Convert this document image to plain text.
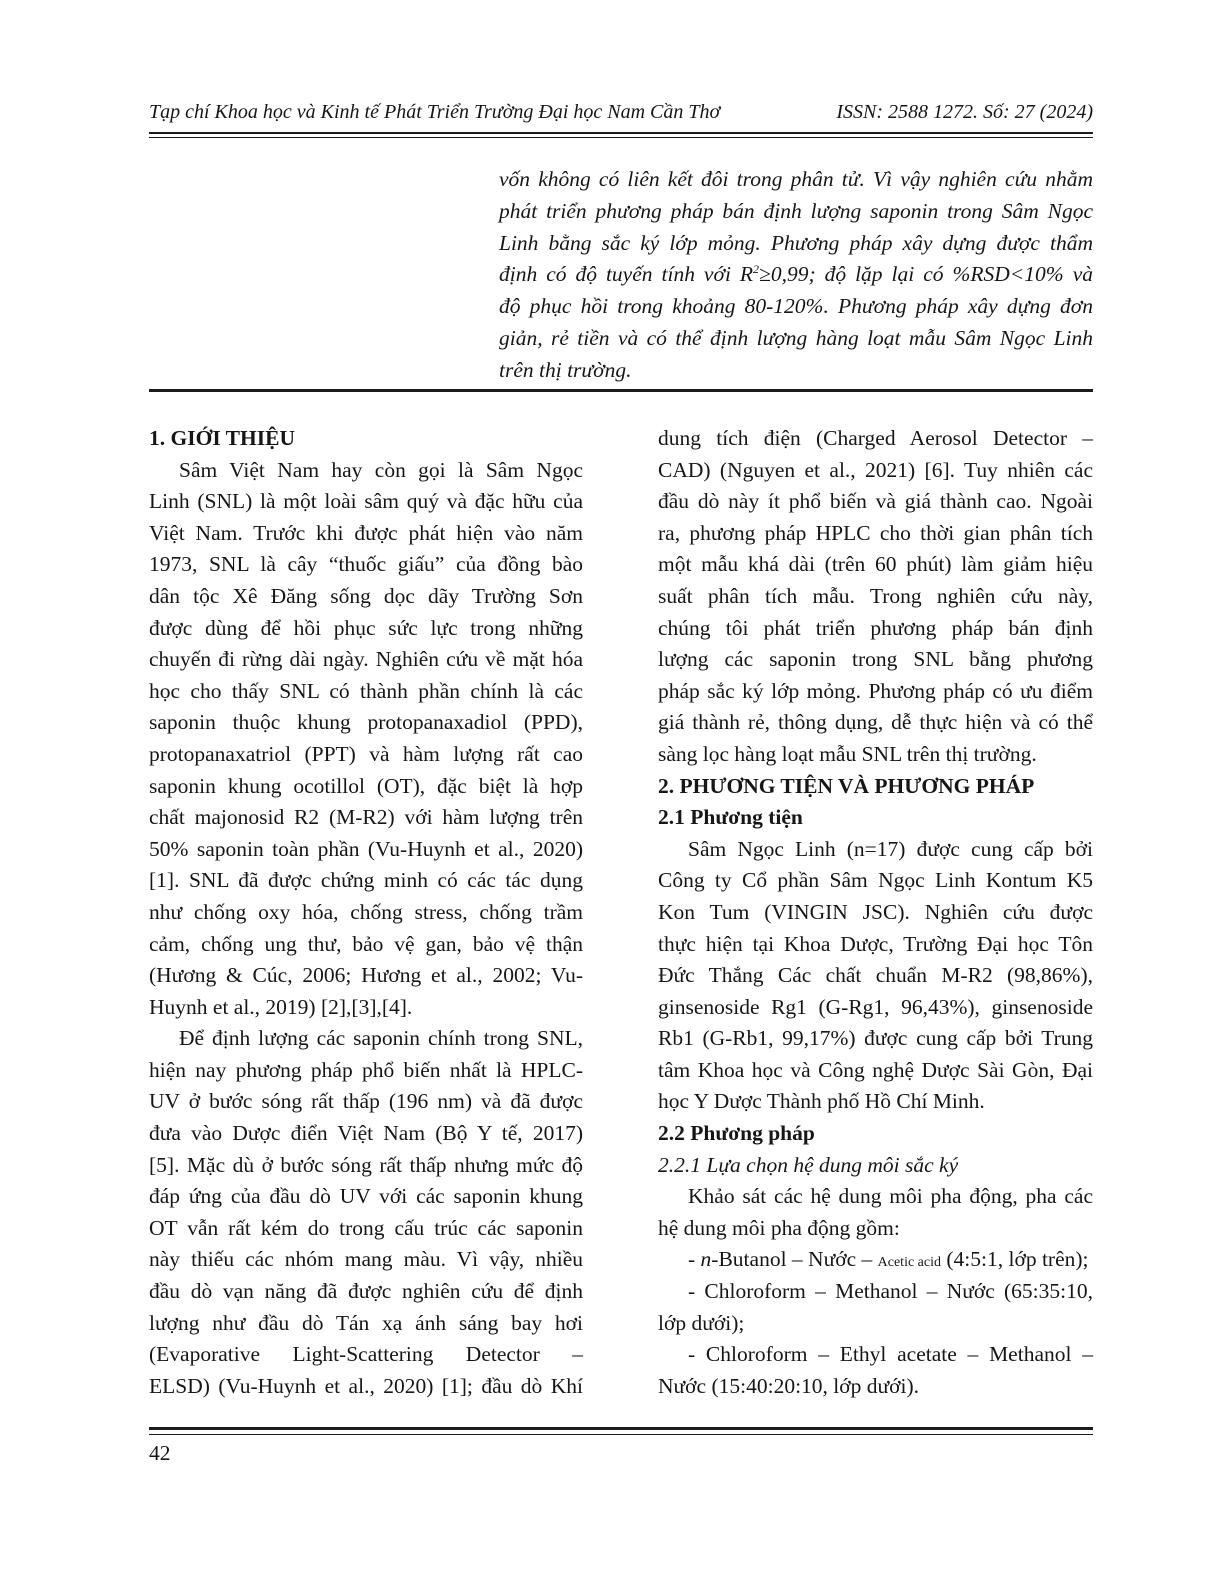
Tạp chí Khoa học và Kinh tế Phát Triển Trường Đại học Nam Cần Thơ	ISSN: 2588 1272. Số: 27 (2024)
vốn không có liên kết đôi trong phân tử. Vì vậy nghiên cứu nhằm
phát triển phương pháp bán định lượng saponin trong Sâm Ngọc
Linh bằng sắc ký lớp mỏng. Phương pháp xây dựng được thẩm
định có độ tuyến tính với $R^2\ge 0,99$; độ lặp lại có %RSD<10% và
độ phục hồi trong khoảng 80-120%. Phương pháp xây dựng đơn
giản, rẻ tiền và có thể định lượng hàng loạt mẫu Sâm Ngọc Linh
trên thị trường.
1. GIỚI THIỆU
Sâm Việt Nam hay còn gọi là Sâm Ngọc
Linh (SNL) là một loài sâm quý và đặc hữu của
Việt Nam. Trước khi được phát hiện vào năm
1973, SNL là cây “thuốc giấu” của đồng bào
dân tộc Xê Đăng sống dọc dãy Trường Sơn
được dùng để hồi phục sức lực trong những
chuyến đi rừng dài ngày. Nghiên cứu về mặt hóa
học cho thấy SNL có thành phần chính là các
saponin thuộc khung protopanaxadiol (PPD),
protopanaxatriol (PPT) và hàm lượng rất cao
saponin khung ocotillol (OT), đặc biệt là hợp
chất majonosid R2 (M-R2) với hàm lượng trên
50% saponin toàn phần (Vu-Huynh et al., 2020)
[1]. SNL đã được chứng minh có các tác dụng
như chống oxy hóa, chống stress, chống trầm
cảm, chống ung thư, bảo vệ gan, bảo vệ thận
(Hương & Cúc, 2006; Hương et al., 2002; Vu-
Huynh et al., 2019) [2],[3],[4].
Để định lượng các saponin chính trong SNL,
hiện nay phương pháp phổ biến nhất là HPLC-
UV ở bước sóng rất thấp (196 nm) và đã được
đưa vào Dược điển Việt Nam (Bộ Y tế, 2017)
[5]. Mặc dù ở bước sóng rất thấp nhưng mức độ
đáp ứng của đầu dò UV với các saponin khung
OT vẫn rất kém do trong cấu trúc các saponin
này thiếu các nhóm mang màu. Vì vậy, nhiều
đầu dò vạn năng đã được nghiên cứu để định
lượng như đầu dò Tán xạ ánh sáng bay hơi
(Evaporative Light-Scattering Detector –
ELSD) (Vu-Huynh et al., 2020) [1]; đầu dò Khí
dung tích điện (Charged Aerosol Detector –
CAD) (Nguyen et al., 2021) [6]. Tuy nhiên các
đầu dò này ít phổ biến và giá thành cao. Ngoài
ra, phương pháp HPLC cho thời gian phân tích
một mẫu khá dài (trên 60 phút) làm giảm hiệu
suất phân tích mẫu. Trong nghiên cứu này,
chúng tôi phát triển phương pháp bán định
lượng các saponin trong SNL bằng phương
pháp sắc ký lớp mỏng. Phương pháp có ưu điểm
giá thành rẻ, thông dụng, dễ thực hiện và có thể
sàng lọc hàng loạt mẫu SNL trên thị trường.
2. PHƯƠNG TIỆN VÀ PHƯƠNG PHÁP
2.1 Phương tiện
Sâm Ngọc Linh (n=17) được cung cấp bởi
Công ty Cổ phần Sâm Ngọc Linh Kontum K5
Kon Tum (VINGIN JSC). Nghiên cứu được
thực hiện tại Khoa Dược, Trường Đại học Tôn
Đức Thắng Các chất chuẩn M-R2 (98,86%),
ginsenoside Rg1 (G-Rg1, 96,43%), ginsenoside
Rb1 (G-Rb1, 99,17%) được cung cấp bởi Trung
tâm Khoa học và Công nghệ Dược Sài Gòn, Đại
học Y Dược Thành phố Hồ Chí Minh.
2.2 Phương pháp
2.2.1 Lựa chọn hệ dung môi sắc ký
Khảo sát các hệ dung môi pha động, pha các
hệ dung môi pha động gồm:
- n-Butanol – Nước – Acetic acid (4:5:1, lớp trên);
- Chloroform – Methanol – Nước (65:35:10,
lớp dưới);
- Chloroform – Ethyl acetate – Methanol –
Nước (15:40:20:10, lớp dưới).
42
